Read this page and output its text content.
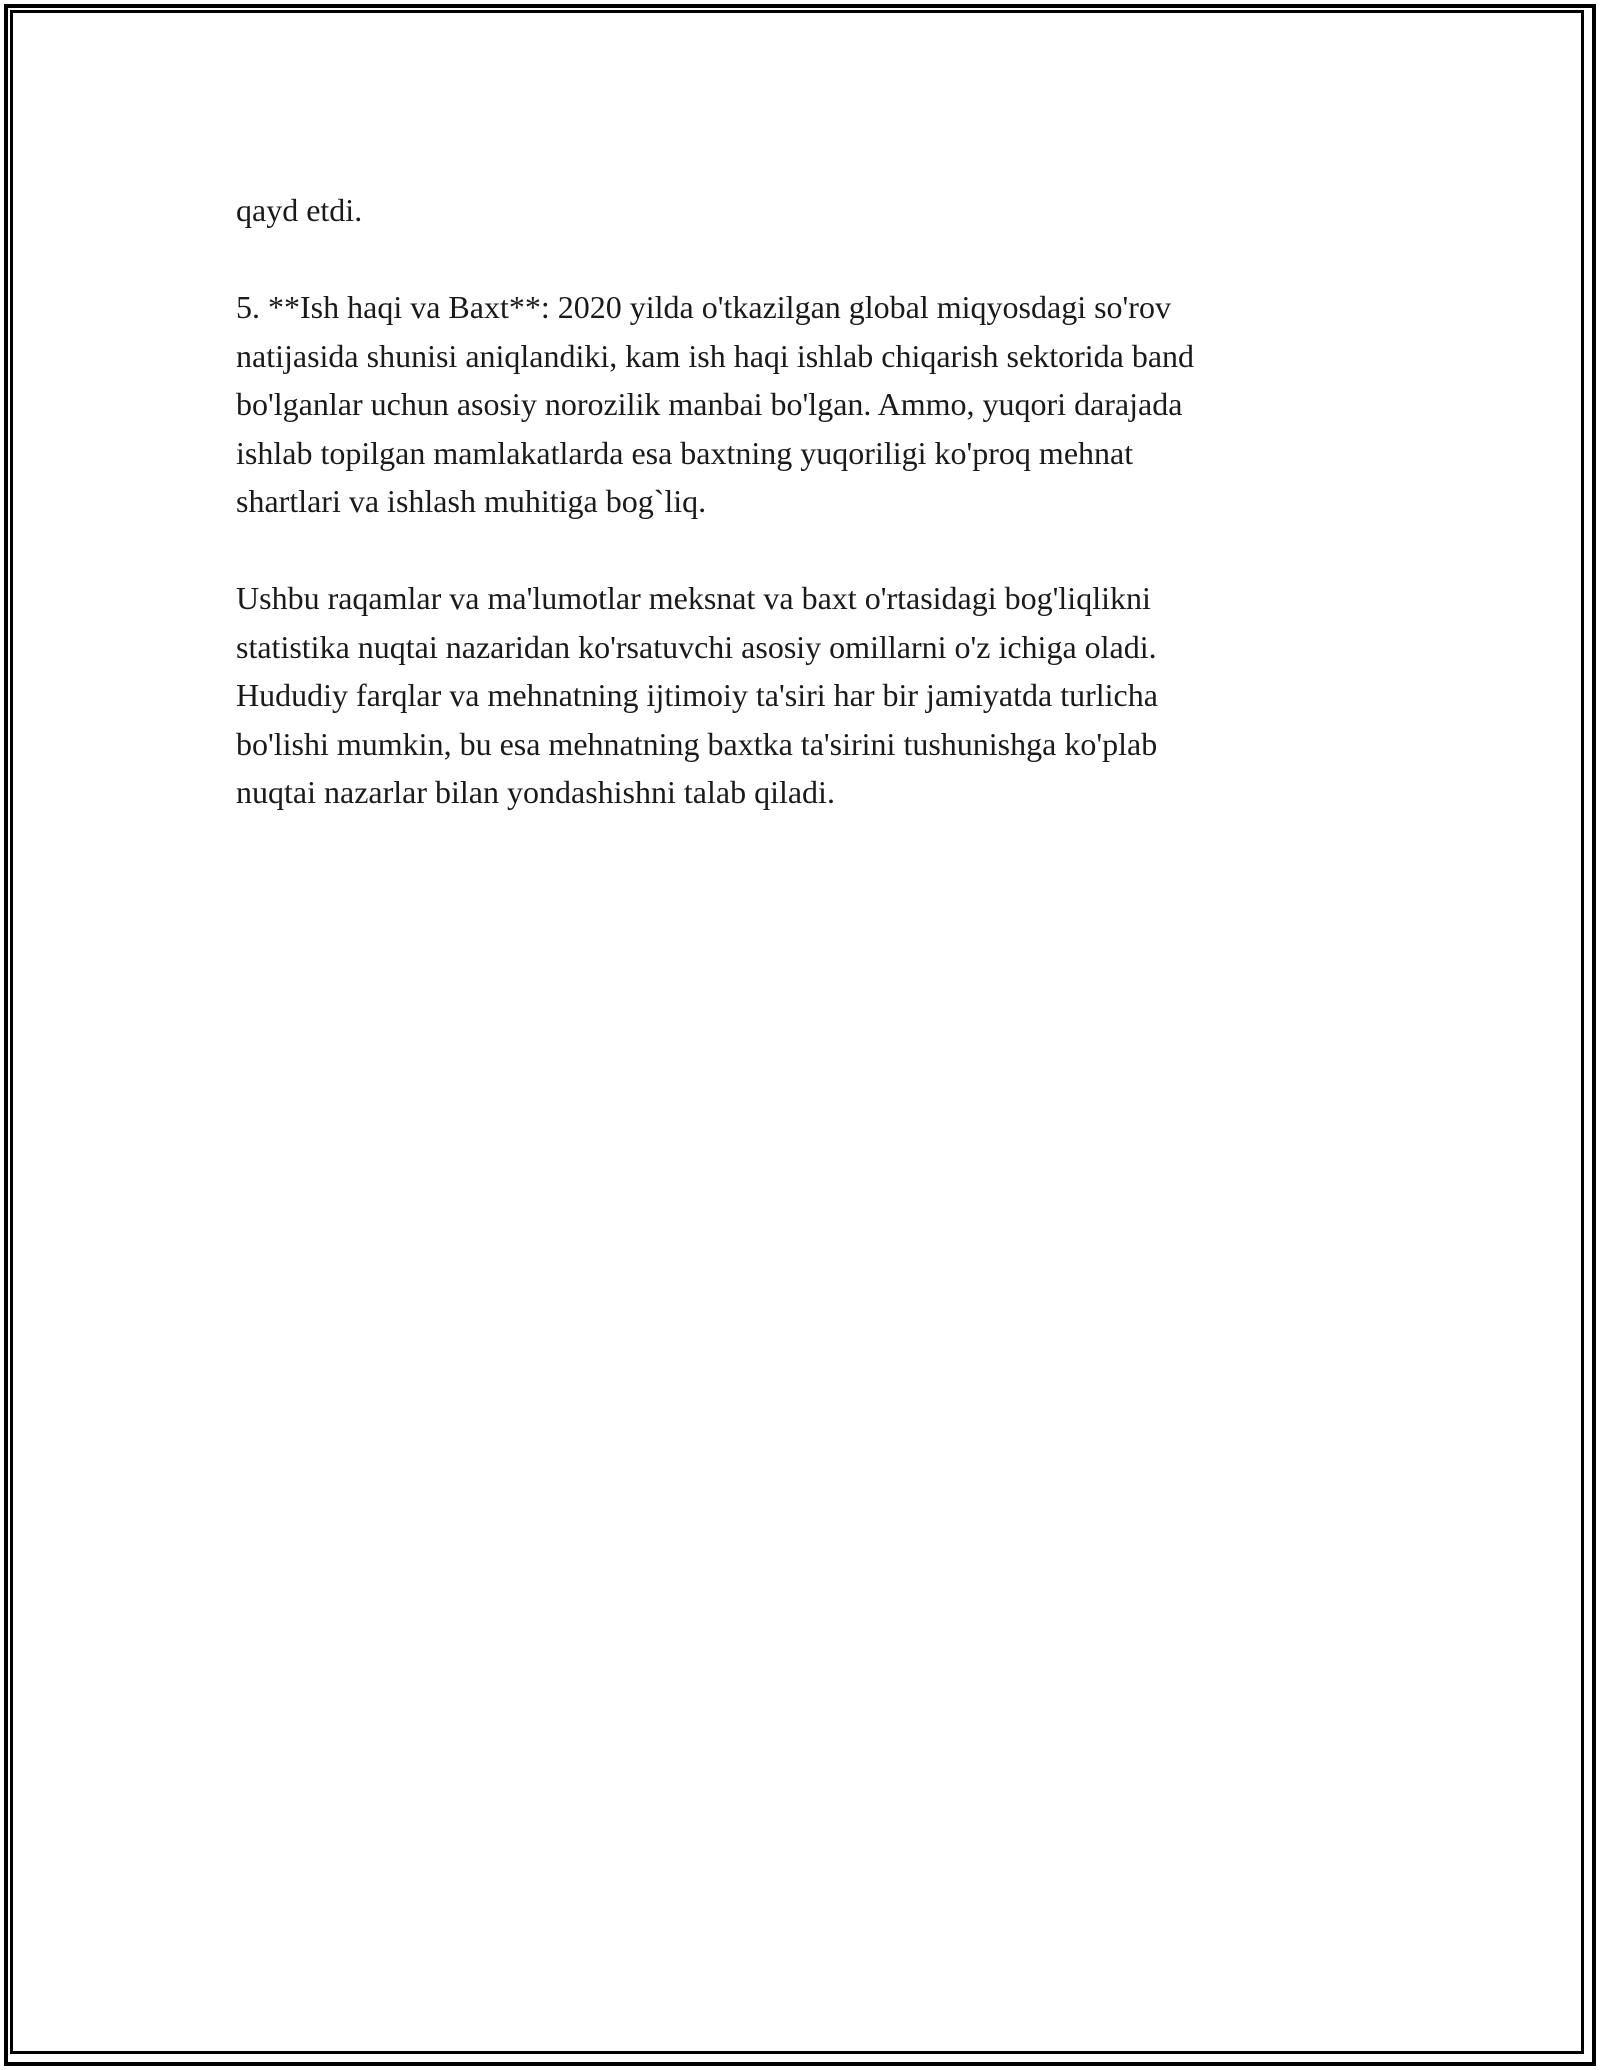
qayd etdi.

5. **Ish haqi va Baxt**: 2020 yilda o'tkazilgan global miqyosdagi so'rov
natijasida shunisi aniqlandiki, kam ish haqi ishlab chiqarish sektorida band
bo'lganlar uchun asosiy norozilik manbai bo'lgan. Ammo, yuqori darajada
ishlab topilgan mamlakatlarda esa baxtning yuqoriligi ko'proq mehnat
shartlari va ishlash muhitiga bog`liq.

Ushbu raqamlar va ma'lumotlar meksnat va baxt o'rtasidagi bog'liqlikni
statistika nuqtai nazaridan ko'rsatuvchi asosiy omillarni o'z ichiga oladi.
Hududiy farqlar va mehnatning ijtimoiy ta'siri har bir jamiyatda turlicha
bo'lishi mumkin, bu esa mehnatning baxtka ta'sirini tushunishga ko'plab
nuqtai nazarlar bilan yondashishni talab qiladi.
